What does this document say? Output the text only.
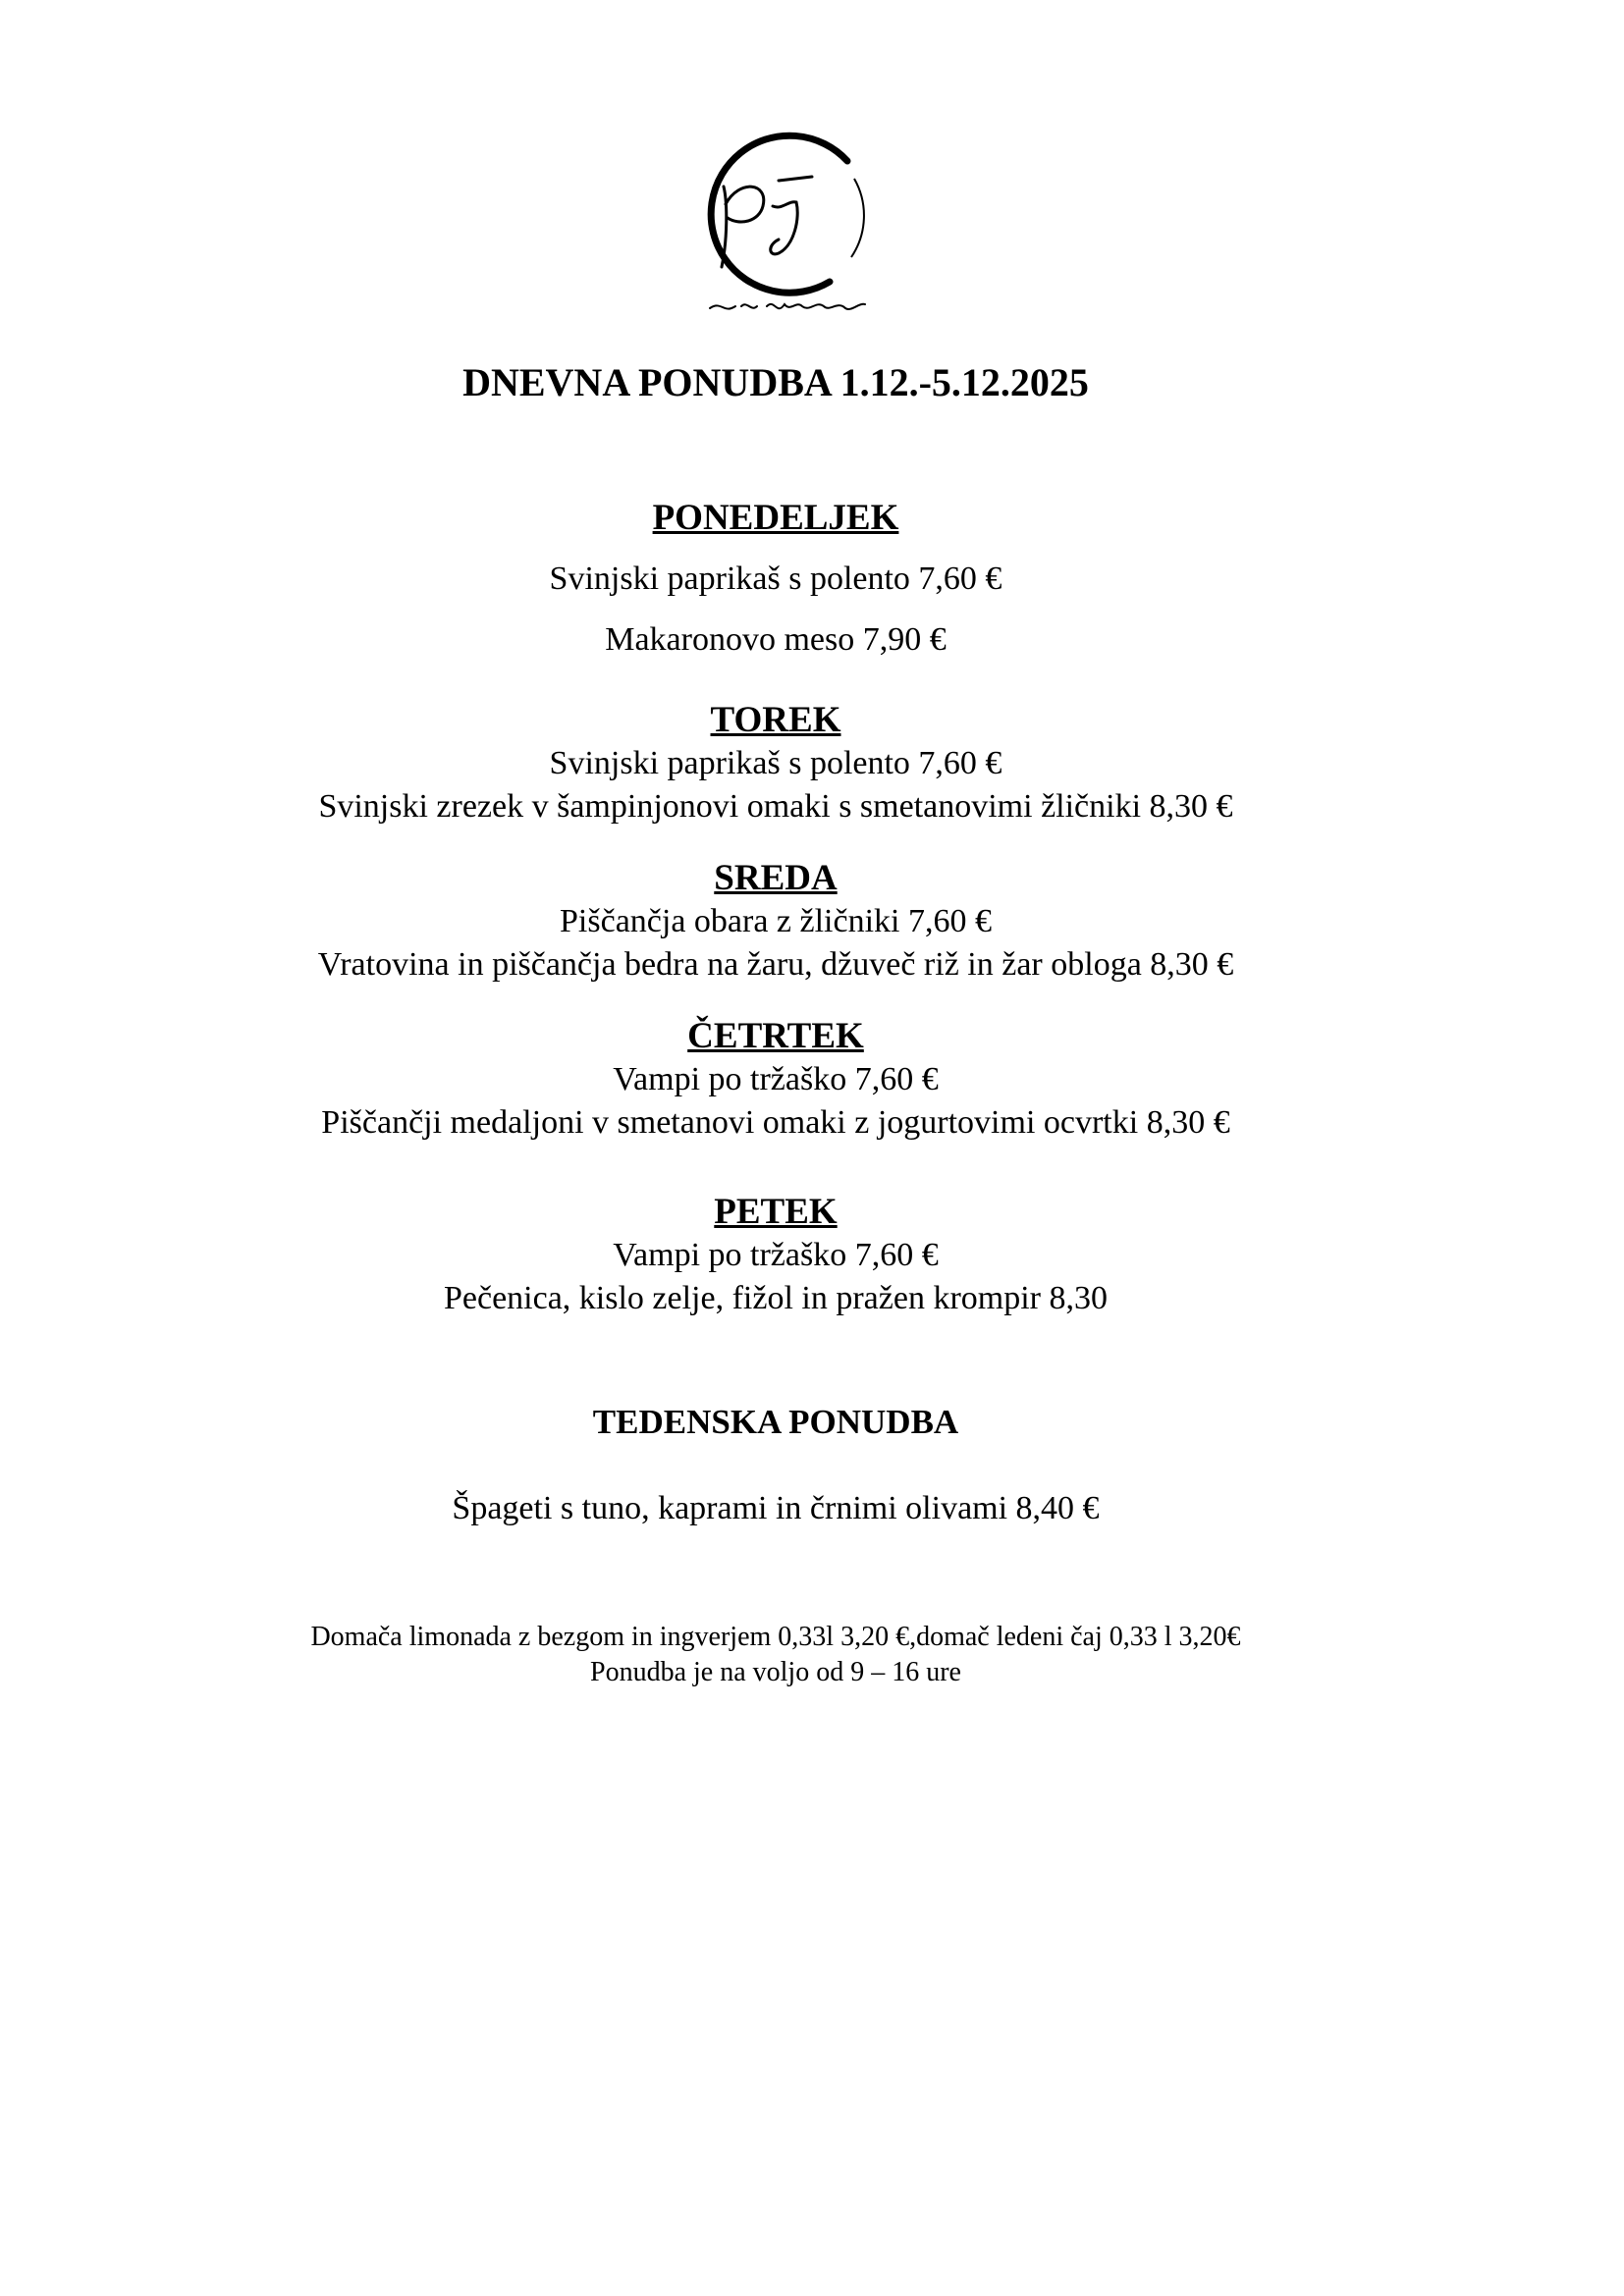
DNEVNA PONUDBA 1.12.-5.12.2025
PONEDELJEK
Svinjski paprikaš s polento 7,60 €
Makaronovo meso 7,90 €
TOREK
Svinjski paprikaš s polento 7,60 €
Svinjski zrezek v šampinjonovi omaki s smetanovimi žličniki 8,30 €
SREDA
Piščančja obara z žličniki 7,60 €
Vratovina in piščančja bedra na žaru, džuveč riž in žar obloga 8,30 €
ČETRTEK
Vampi po tržaško 7,60 €
Piščančji medaljoni v smetanovi omaki z jogurtovimi ocvrtki 8,30 €
PETEK
Vampi po tržaško 7,60 €
Pečenica, kislo zelje, fižol in pražen krompir 8,30
TEDENSKA PONUDBA
Špageti s tuno, kaprami in črnimi olivami 8,40 €
Domača limonada z bezgom in ingverjem 0,33l 3,20 €,domač ledeni čaj 0,33 l 3,20€
Ponudba je na voljo od 9 – 16 ure
